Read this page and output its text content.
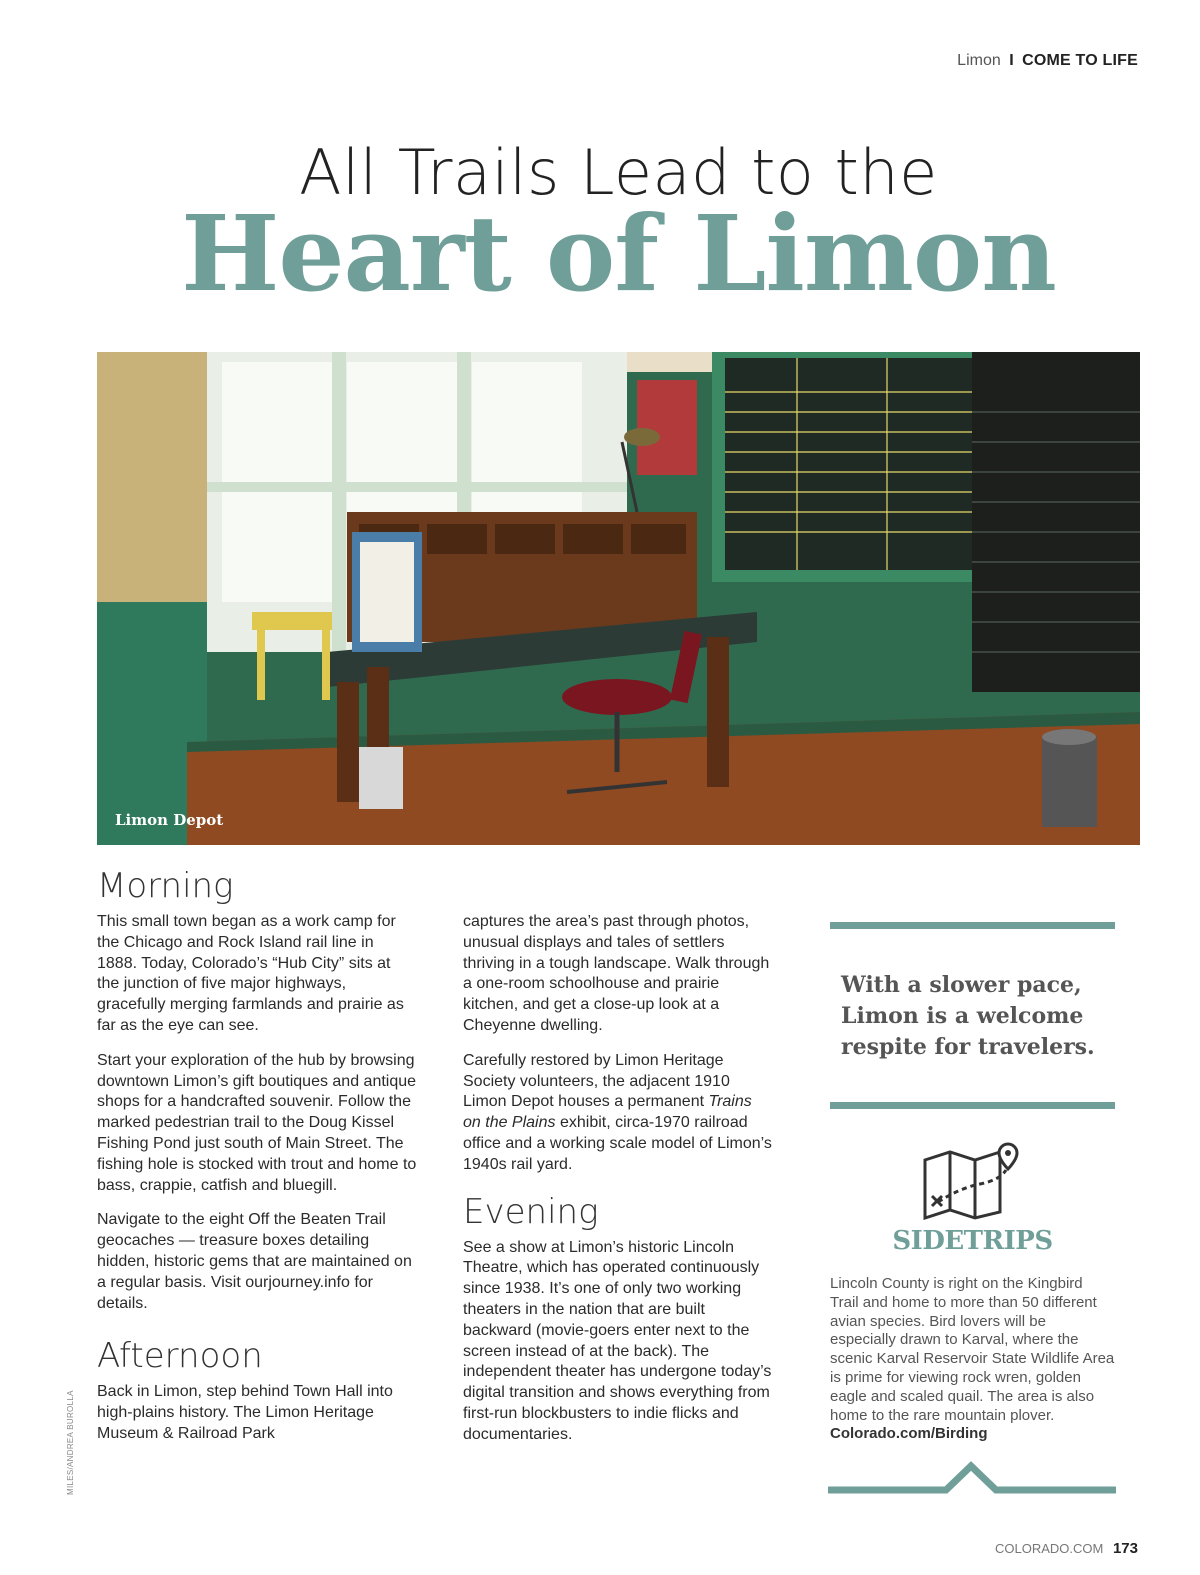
Limon I COME TO LIFE
All Trails Lead to the
Heart of Limon
Limon Depot
Morning

This small town began as a work camp for the Chicago and Rock Island rail line in 1888. Today, Colorado’s “Hub City” sits at the junction of five major highways, gracefully merging farmlands and prairie as far as the eye can see.

Start your exploration of the hub by browsing downtown Limon’s gift boutiques and antique shops for a handcrafted souvenir. Follow the marked pedestrian trail to the Doug Kissel Fishing Pond just south of Main Street. The fishing hole is stocked with trout and home to bass, crappie, catfish and bluegill.

Navigate to the eight Off the Beaten Trail geocaches — treasure boxes detailing hidden, historic gems that are maintained on a regular basis. Visit ourjourney.info for details.

Afternoon

Back in Limon, step behind Town Hall into high-plains history. The Limon Heritage Museum & Railroad Park

captures the area’s past through photos, unusual displays and tales of settlers thriving in a tough landscape. Walk through a one-room schoolhouse and prairie kitchen, and get a close-up look at a Cheyenne dwelling.

Carefully restored by Limon Heritage Society volunteers, the adjacent 1910 Limon Depot houses a permanent Trains on the Plains exhibit, circa-1970 railroad office and a working scale model of Limon’s 1940s rail yard.

Evening

See a show at Limon’s historic Lincoln Theatre, which has operated continuously since 1938. It’s one of only two working theaters in the nation that are built backward (movie-goers enter next to the screen instead of at the back). The independent theater has undergone today’s digital transition and shows everything from first-run blockbusters to indie flicks and documentaries.

With a slower pace, Limon is a welcome respite for travelers.
SIDETRIPS
Lincoln County is right on the Kingbird Trail and home to more than 50 different avian species. Bird lovers will be especially drawn to Karval, where the scenic Karval Reservoir State Wildlife Area is prime for viewing rock wren, golden eagle and scaled quail. The area is also home to the rare mountain plover. Colorado.com/Birding
MILES/ANDREA BUROLLA
COLORADO.COM 173
